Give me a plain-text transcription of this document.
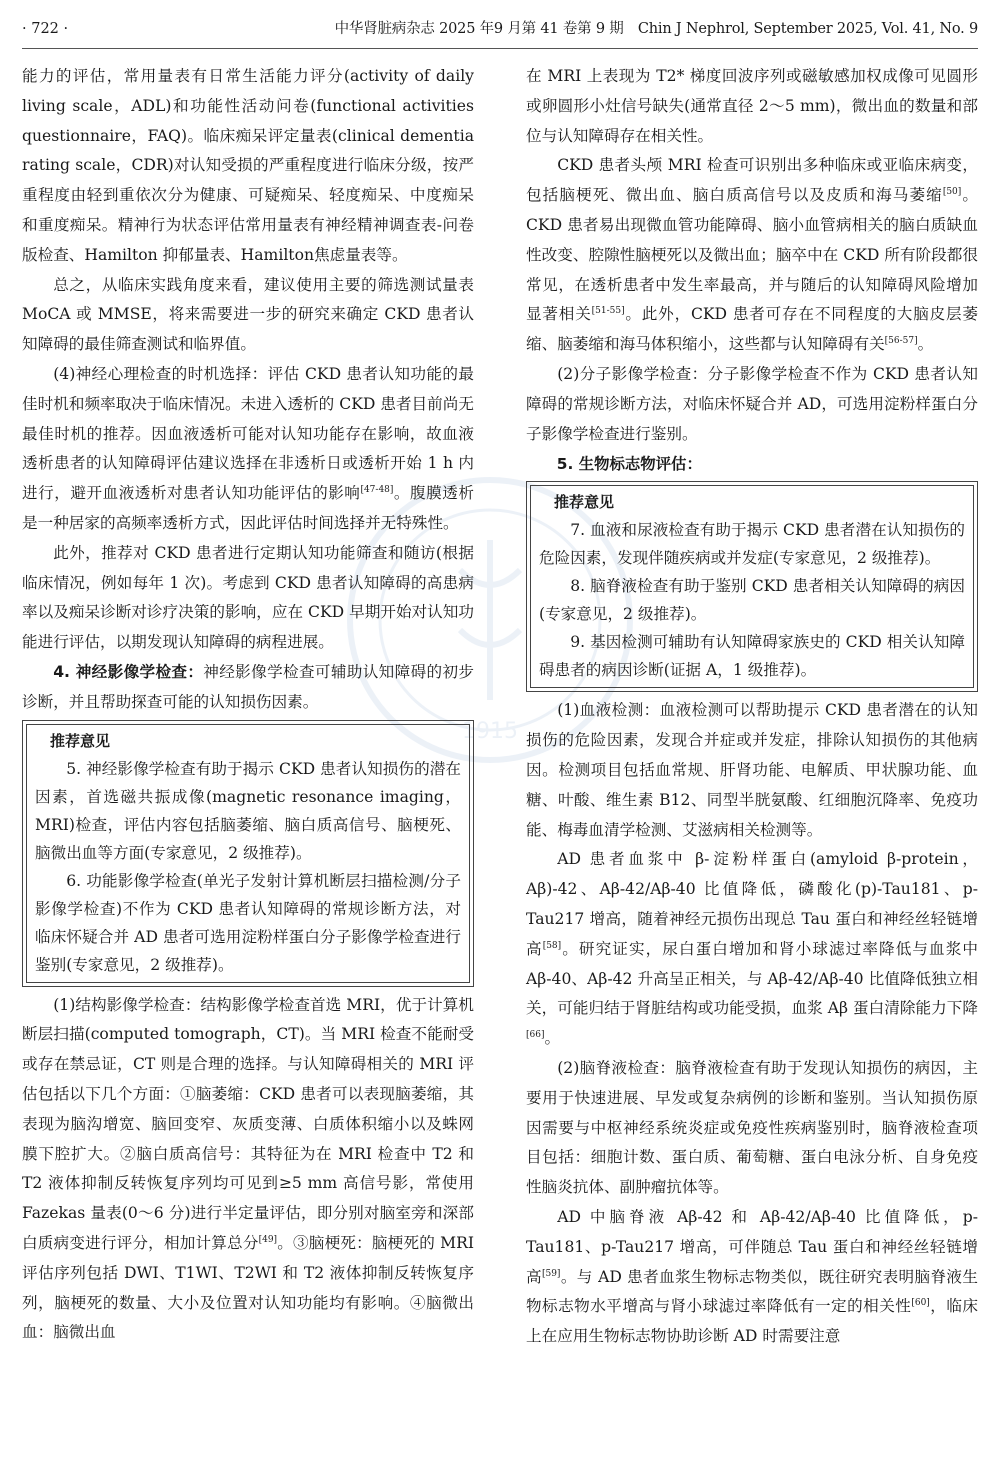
· 722 ·	中华肾脏病杂志 2025 年9 月第 41 卷第 9 期　Chin J Nephrol, September 2025, Vol. 41, No. 9
1915

能力的评估，常用量表有日常生活能力评分(activity of daily living scale，ADL)和功能性活动问卷(functional activities questionnaire，FAQ)。临床痴呆评定量表(clinical dementia rating scale，CDR)对认知受损的严重程度进行临床分级，按严重程度由轻到重依次分为健康、可疑痴呆、轻度痴呆、中度痴呆和重度痴呆。精神行为状态评估常用量表有神经精神调查表-问卷版检查、Hamilton 抑郁量表、Hamilton焦虑量表等。

总之，从临床实践角度来看，建议使用主要的筛选测试量表 MoCA 或 MMSE，将来需要进一步的研究来确定 CKD 患者认知障碍的最佳筛查测试和临界值。

(4)神经心理检查的时机选择：评估 CKD 患者认知功能的最佳时机和频率取决于临床情况。未进入透析的 CKD 患者目前尚无最佳时机的推荐。因血液透析可能对认知功能存在影响，故血液透析患者的认知障碍评估建议选择在非透析日或透析开始 1 h 内进行，避开血液透析对患者认知功能评估的影响[47-48]。腹膜透析是一种居家的高频率透析方式，因此评估时间选择并无特殊性。

此外，推荐对 CKD 患者进行定期认知功能筛查和随访(根据临床情况，例如每年 1 次)。考虑到 CKD 患者认知障碍的高患病率以及痴呆诊断对诊疗决策的影响，应在 CKD 早期开始对认知功能进行评估，以期发现认知障碍的病程进展。

4. 神经影像学检查：神经影像学检查可辅助认知障碍的初步诊断，并且帮助探查可能的认知损伤因素。

推荐意见

5. 神经影像学检查有助于揭示 CKD 患者认知损伤的潜在因素，首选磁共振成像(magnetic resonance imaging，MRI)检查，评估内容包括脑萎缩、脑白质高信号、脑梗死、脑微出血等方面(专家意见，2 级推荐)。

6. 功能影像学检查(单光子发射计算机断层扫描检测/分子影像学检查)不作为 CKD 患者认知障碍的常规诊断方法，对临床怀疑合并 AD 患者可选用淀粉样蛋白分子影像学检查进行鉴别(专家意见，2 级推荐)。

(1)结构影像学检查：结构影像学检查首选 MRI，优于计算机断层扫描(computed tomograph，CT)。当 MRI 检查不能耐受或存在禁忌证，CT 则是合理的选择。与认知障碍相关的 MRI 评估包括以下几个方面：①脑萎缩：CKD 患者可以表现脑萎缩，其表现为脑沟增宽、脑回变窄、灰质变薄、白质体积缩小以及蛛网膜下腔扩大。②脑白质高信号：其特征为在 MRI 检查中 T2 和 T2 液体抑制反转恢复序列均可见到≥5 mm 高信号影，常使用 Fazekas 量表(0～6 分)进行半定量评估，即分别对脑室旁和深部白质病变进行评分，相加计算总分[49]。③脑梗死：脑梗死的 MRI 评估序列包括 DWI、T1WI、T2WI 和 T2 液体抑制反转恢复序列，脑梗死的数量、大小及位置对认知功能均有影响。④脑微出血：脑微出血

在 MRI 上表现为 T2* 梯度回波序列或磁敏感加权成像可见圆形或卵圆形小灶信号缺失(通常直径 2～5 mm)，微出血的数量和部位与认知障碍存在相关性。

CKD 患者头颅 MRI 检查可识别出多种临床或亚临床病变，包括脑梗死、微出血、脑白质高信号以及皮质和海马萎缩[50]。CKD 患者易出现微血管功能障碍、脑小血管病相关的脑白质缺血性改变、腔隙性脑梗死以及微出血；脑卒中在 CKD 所有阶段都很常见，在透析患者中发生率最高，并与随后的认知障碍风险增加显著相关[51-55]。此外，CKD 患者可存在不同程度的大脑皮层萎缩、脑萎缩和海马体积缩小，这些都与认知障碍有关[56-57]。

(2)分子影像学检查：分子影像学检查不作为 CKD 患者认知障碍的常规诊断方法，对临床怀疑合并 AD，可选用淀粉样蛋白分子影像学检查进行鉴别。

5. 生物标志物评估：

推荐意见

7. 血液和尿液检查有助于揭示 CKD 患者潜在认知损伤的危险因素，发现伴随疾病或并发症(专家意见，2 级推荐)。

8. 脑脊液检查有助于鉴别 CKD 患者相关认知障碍的病因(专家意见，2 级推荐)。

9. 基因检测可辅助有认知障碍家族史的 CKD 相关认知障碍患者的病因诊断(证据 A，1 级推荐)。

(1)血液检测：血液检测可以帮助提示 CKD 患者潜在的认知损伤的危险因素，发现合并症或并发症，排除认知损伤的其他病因。检测项目包括血常规、肝肾功能、电解质、甲状腺功能、血糖、叶酸、维生素 B12、同型半胱氨酸、红细胞沉降率、免疫功能、梅毒血清学检测、艾滋病相关检测等。

AD 患者血浆中 β-淀粉样蛋白(amyloid β-protein，Aβ)-42、Aβ-42/Aβ-40 比值降低，磷酸化(p)-Tau181、p-Tau217 增高，随着神经元损伤出现总 Tau 蛋白和神经丝轻链增高[58]。研究证实，尿白蛋白增加和肾小球滤过率降低与血浆中 Aβ-40、Aβ-42 升高呈正相关，与 Aβ-42/Aβ-40 比值降低独立相关，可能归结于肾脏结构或功能受损，血浆 Aβ 蛋白清除能力下降[66]。

(2)脑脊液检查：脑脊液检查有助于发现认知损伤的病因，主要用于快速进展、早发或复杂病例的诊断和鉴别。当认知损伤原因需要与中枢神经系统炎症或免疫性疾病鉴别时，脑脊液检查项目包括：细胞计数、蛋白质、葡萄糖、蛋白电泳分析、自身免疫性脑炎抗体、副肿瘤抗体等。

AD 中脑脊液 Aβ-42 和 Aβ-42/Aβ-40 比值降低，p-Tau181、p-Tau217 增高，可伴随总 Tau 蛋白和神经丝轻链增高[59]。与 AD 患者血浆生物标志物类似，既往研究表明脑脊液生物标志物水平增高与肾小球滤过率降低有一定的相关性[60]，临床上在应用生物标志物协助诊断 AD 时需要注意
